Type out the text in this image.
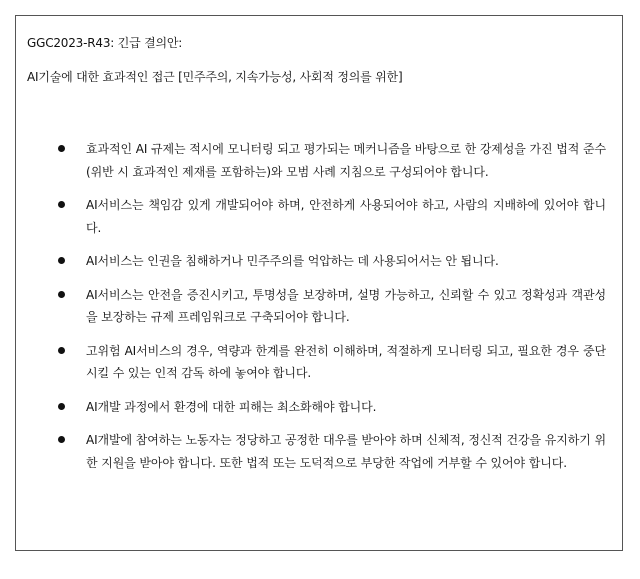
GGC2023-R43: 긴급 결의안:
AI기술에 대한 효과적인 접근 [민주주의, 지속가능성, 사회적 정의를 위한]
효과적인 AI 규제는 적시에 모니터링 되고 평가되는 메커니즘을 바탕으로 한 강제성을 가진 법적 준수(위반 시 효과적인 제재를 포함하는)와 모범 사례 지침으로 구성되어야 합니다.
AI서비스는 책임감 있게 개발되어야 하며, 안전하게 사용되어야 하고, 사람의 지배하에 있어야 합니다.
AI서비스는 인권을 침해하거나 민주주의를 억압하는 데 사용되어서는 안 됩니다.
AI서비스는 안전을 증진시키고, 투명성을 보장하며, 설명 가능하고, 신뢰할 수 있고 정확성과 객관성을 보장하는 규제 프레임워크로 구축되어야 합니다.
고위험 AI서비스의 경우, 역량과 한계를 완전히 이해하며, 적절하게 모니터링 되고, 필요한 경우 중단시킬 수 있는 인적 감독 하에 놓여야 합니다.
AI개발 과정에서 환경에 대한 피해는 최소화해야 합니다.
AI개발에 참여하는 노동자는 정당하고 공정한 대우를 받아야 하며 신체적, 정신적 건강을 유지하기 위한 지원을 받아야 합니다. 또한 법적 또는 도덕적으로 부당한 작업에 거부할 수 있어야 합니다.
